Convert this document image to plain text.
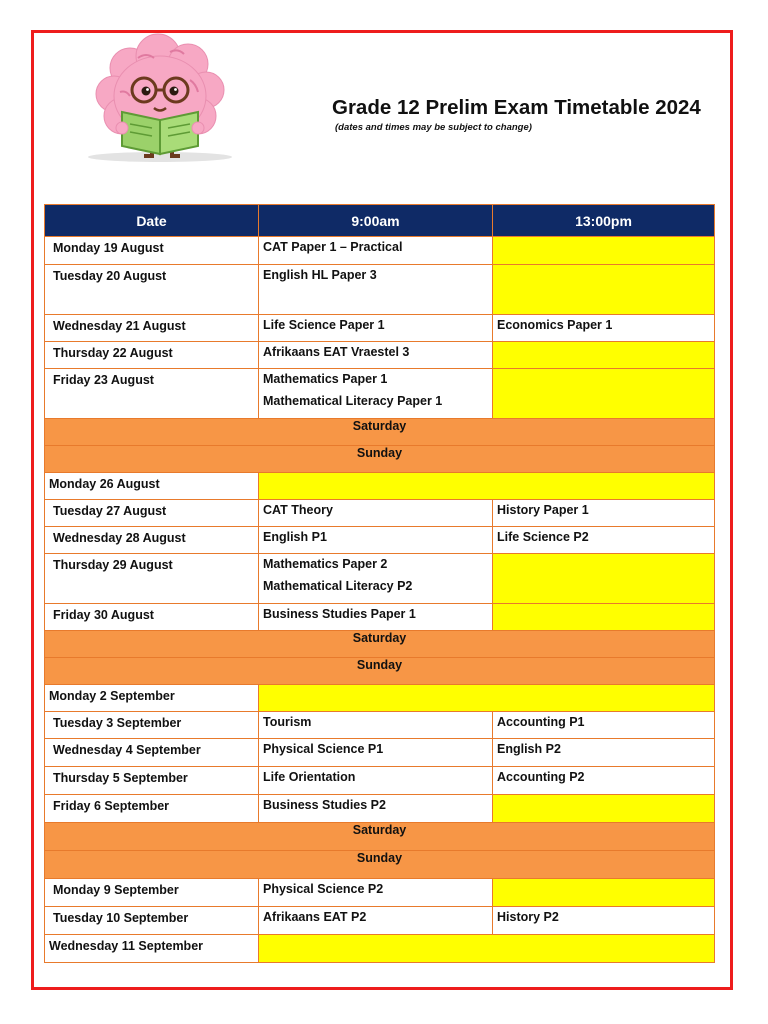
Grade 12 Prelim Exam Timetable 2024
(dates and times may be subject to change)
Date	9:00am	13:00pm
Monday 19 August	CAT Paper 1 – Practical	

Tuesday 20 August	English HL Paper 3	

Wednesday 21 August	Life Science Paper 1	Economics Paper 1

Thursday 22 August	Afrikaans EAT Vraestel 3	

Friday 23 August	Mathematics Paper 1
Mathematical Literacy Paper 1	

Saturday		
Sunday		
Monday 26 August		
Tuesday 27 August	CAT Theory	History Paper 1

Wednesday 28 August	English P1	Life Science P2

Thursday 29 August	Mathematics Paper 2
Mathematical Literacy P2	

Friday 30 August	Business Studies Paper 1	

Saturday		
Sunday		
Monday 2 September		
Tuesday 3 September	Tourism	Accounting P1

Wednesday 4 September	Physical Science P1	English P2

Thursday 5 September	Life Orientation	Accounting P2

Friday 6 September	Business Studies P2	

Saturday		
Sunday		
Monday 9 September	Physical Science P2	

Tuesday 10 September	Afrikaans EAT P2	History P2

Wednesday 11 September		
